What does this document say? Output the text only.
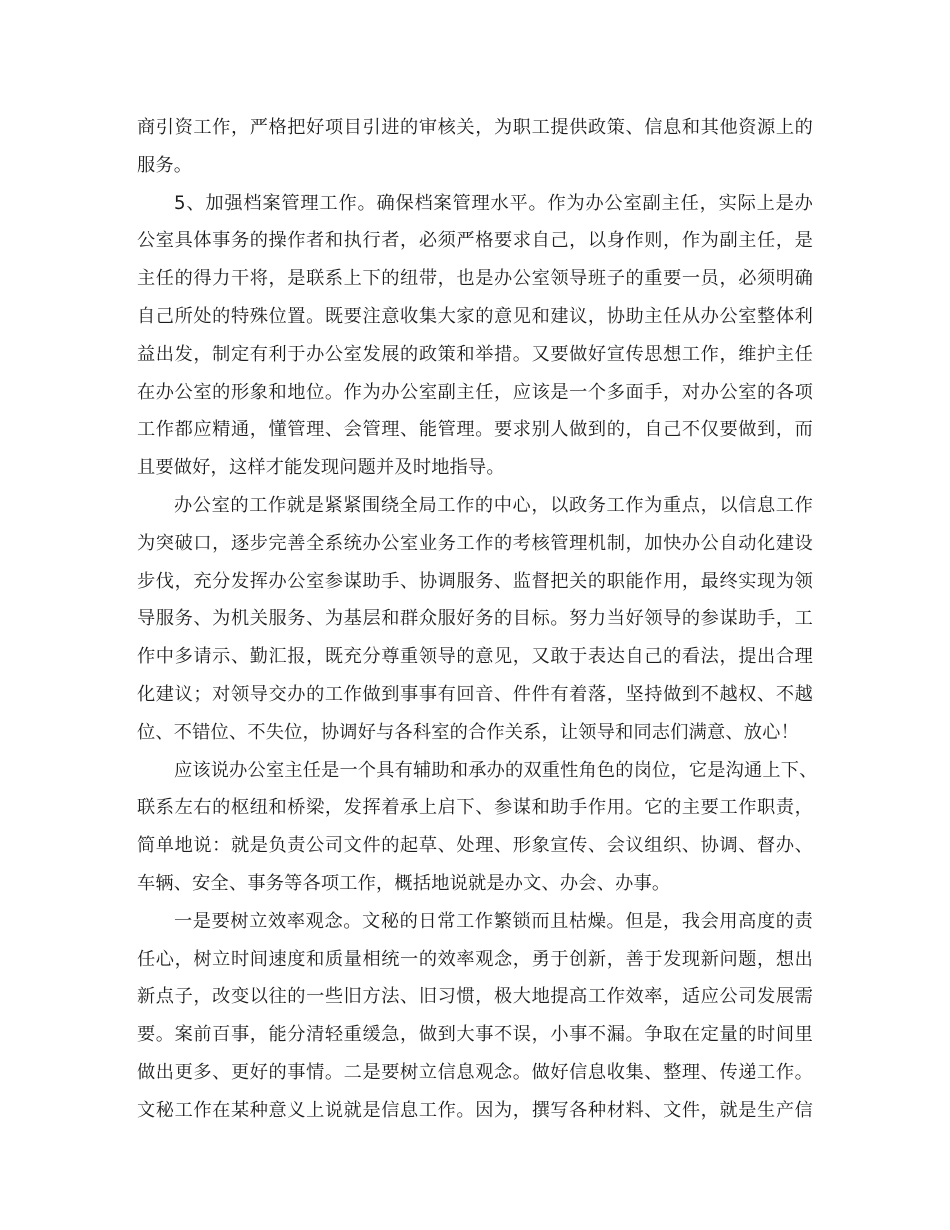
商引资工作，严格把好项目引进的审核关，为职工提供政策、信息和其他资源上的
服务。

5、加强档案管理工作。确保档案管理水平。作为办公室副主任，实际上是办
公室具体事务的操作者和执行者，必须严格要求自己，以身作则，作为副主任，是
主任的得力干将，是联系上下的纽带，也是办公室领导班子的重要一员，必须明确
自己所处的特殊位置。既要注意收集大家的意见和建议，协助主任从办公室整体利
益出发，制定有利于办公室发展的政策和举措。又要做好宣传思想工作，维护主任
在办公室的形象和地位。作为办公室副主任，应该是一个多面手，对办公室的各项
工作都应精通，懂管理、会管理、能管理。要求别人做到的，自己不仅要做到，而
且要做好，这样才能发现问题并及时地指导。

办公室的工作就是紧紧围绕全局工作的中心，以政务工作为重点，以信息工作
为突破口，逐步完善全系统办公室业务工作的考核管理机制，加快办公自动化建设
步伐，充分发挥办公室参谋助手、协调服务、监督把关的职能作用，最终实现为领
导服务、为机关服务、为基层和群众服好务的目标。努力当好领导的参谋助手，工
作中多请示、勤汇报，既充分尊重领导的意见，又敢于表达自己的看法，提出合理
化建议；对领导交办的工作做到事事有回音、件件有着落，坚持做到不越权、不越
位、不错位、不失位，协调好与各科室的合作关系，让领导和同志们满意、放心！

应该说办公室主任是一个具有辅助和承办的双重性角色的岗位，它是沟通上下、
联系左右的枢纽和桥梁，发挥着承上启下、参谋和助手作用。它的主要工作职责，
简单地说：就是负责公司文件的起草、处理、形象宣传、会议组织、协调、督办、
车辆、安全、事务等各项工作，概括地说就是办文、办会、办事。

一是要树立效率观念。文秘的日常工作繁锁而且枯燥。但是，我会用高度的责
任心，树立时间速度和质量相统一的效率观念，勇于创新，善于发现新问题，想出
新点子，改变以往的一些旧方法、旧习惯，极大地提高工作效率，适应公司发展需
要。案前百事，能分清轻重缓急，做到大事不误，小事不漏。争取在定量的时间里
做出更多、更好的事情。二是要树立信息观念。做好信息收集、整理、传递工作。
文秘工作在某种意义上说就是信息工作。因为，撰写各种材料、文件，就是生产信
